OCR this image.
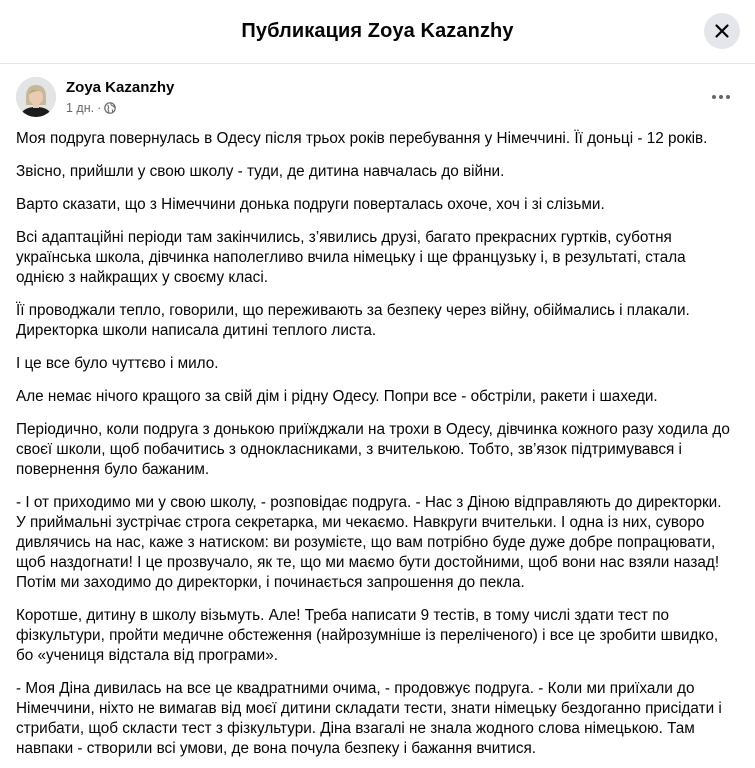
Публикация Zoya Kazanzhy
Zoya Kazanzhy
1 дн. ·

Моя подруга повернулась в Одесу після трьох років перебування у Німеччині. Її доньці - 12 років.

Звісно, прийшли у свою школу - туди, де дитина навчалась до війни.

Варто сказати, що з Німеччини донька подруги поверталась охоче, хоч і зі слізьми.

Всі адаптаційні періоди там закінчились, з’явились друзі, багато прекрасних гуртків, суботня українська школа, дівчинка наполегливо вчила німецьку і ще французьку і, в результаті, стала однією з найкращих у своєму класі.

Її проводжали тепло, говорили, що переживають за безпеку через війну, обіймались і плакали. Директорка школи написала дитині теплого листа.

І це все було чуттєво і мило.

Але немає нічого кращого за свій дім і рідну Одесу. Попри все - обстріли, ракети і шахеди.

Періодично, коли подруга з донькою приїжджали на трохи в Одесу, дівчинка кожного разу ходила до своєї школи, щоб побачитись з однокласниками, з вчителькою. Тобто, зв’язок підтримувався і повернення було бажаним.

- І от приходимо ми у свою школу, - розповідає подруга. - Нас з Діною відправляють до директорки. У приймальні зустрічає строга секретарка, ми чекаємо. Навкруги вчительки. І одна із них, суворо дивлячись на нас, каже з натиском: ви розумієте, що вам потрібно буде дуже добре попрацювати, щоб наздогнати! І це прозвучало, як те, що ми маємо бути достойними, щоб вони нас взяли назад! Потім ми заходимо до директорки, і починається запрошення до пекла.

Коротше, дитину в школу візьмуть. Але! Треба написати 9 тестів, в тому числі здати тест по фізкультури, пройти медичне обстеження (найрозумніше із переліченого) і все це зробити швидко, бо «учениця відстала від програми».

- Моя Діна дивилась на все це квадратними очима, - продовжує подруга. - Коли ми приїхали до Німеччини, ніхто не вимагав від моєї дитини складати тести, знати німецьку бездоганно присідати і стрибати, щоб скласти тест з фізкультури. Діна взагалі не знала жодного слова німецькою. Там навпаки - створили всі умови, де вона почула безпеку і бажання вчитися.
